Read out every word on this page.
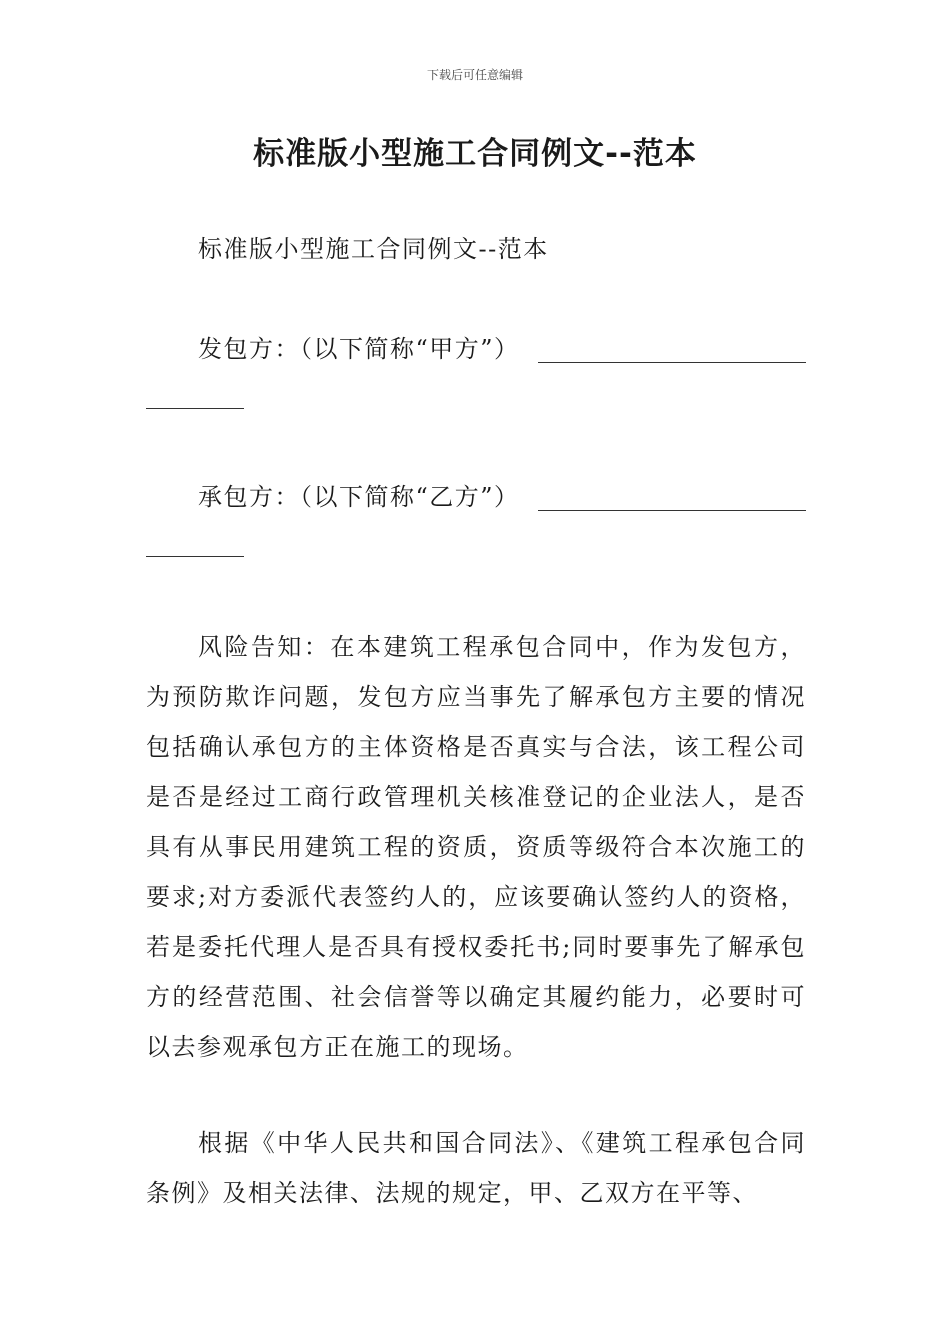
下载后可任意编辑
标准版小型施工合同例文--范本
标准版小型施工合同例文--范本
发包方：（以下简称“甲方”）
承包方：（以下简称“乙方”）
风险告知：在本建筑工程承包合同中，作为发包方，为预防欺诈问题，发包方应当事先了解承包方主要的情况包括确认承包方的主体资格是否真实与合法，该工程公司是否是经过工商行政管理机关核准登记的企业法人，是否具有从事民用建筑工程的资质，资质等级符合本次施工的要求;对方委派代表签约人的，应该要确认签约人的资格，若是委托代理人是否具有授权委托书;同时要事先了解承包方的经营范围、社会信誉等以确定其履约能力，必要时可以去参观承包方正在施工的现场。
根据《中华人民共和国合同法》、《建筑工程承包合同条例》及相关法律、法规的规定，甲、乙双方在平等、
